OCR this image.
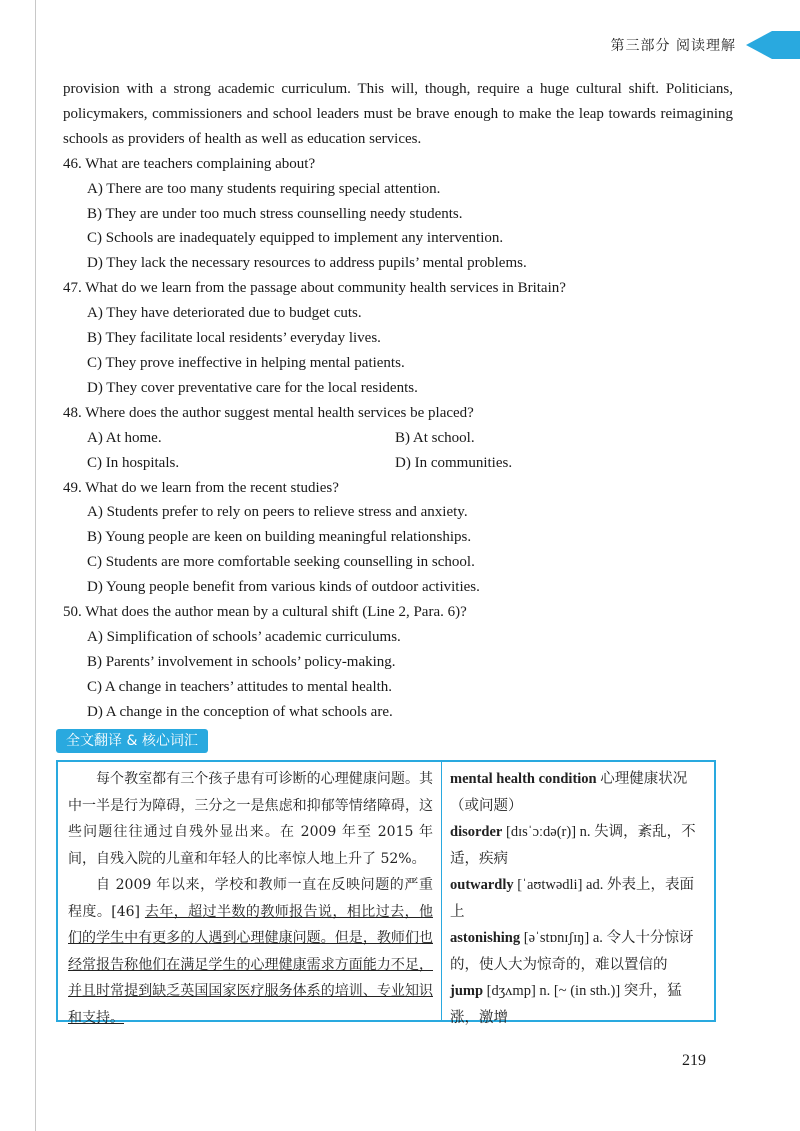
第三部分 阅读理解

provision with a strong academic curriculum. This will, though, require a huge cultural shift. Politicians, policymakers, commissioners and school leaders must be brave enough to make the leap towards reimagining schools as providers of health as well as education services.

46. What are teachers complaining about?

A) There are too many students requiring special attention.

B) They are under too much stress counselling needy students.

C) Schools are inadequately equipped to implement any intervention.

D) They lack the necessary resources to address pupils’ mental problems.

47. What do we learn from the passage about community health services in Britain?

A) They have deteriorated due to budget cuts.

B) They facilitate local residents’ everyday lives.

C) They prove ineffective in helping mental patients.

D) They cover preventative care for the local residents.

48. Where does the author suggest mental health services be placed?

A) At home.	B) At school.
C) In hospitals.	D) In communities.

49. What do we learn from the recent studies?

A) Students prefer to rely on peers to relieve stress and anxiety.

B) Young people are keen on building meaningful relationships.

C) Students are more comfortable seeking counselling in school.

D) Young people benefit from various kinds of outdoor activities.

50. What does the author mean by a cultural shift (Line 2, Para. 6)?

A) Simplification of schools’ academic curriculums.

B) Parents’ involvement in schools’ policy-making.

C) A change in teachers’ attitudes to mental health.

D) A change in the conception of what schools are.

全文翻译 & 核心词汇

每个教室都有三个孩子患有可诊断的心理健康问题。其中一半是行为障碍，三分之一是焦虑和抑郁等情绪障碍，这些问题往往通过自残外显出来。在 2009 年至 2015 年间，自残入院的儿童和年轻人的比率惊人地上升了 52%。

自 2009 年以来，学校和教师一直在反映问题的严重程度。[46] 去年，超过半数的教师报告说，相比过去，他们的学生中有更多的人遇到心理健康问题。但是，教师们也经常报告称他们在满足学生的心理健康需求方面能力不足，并且时常提到缺乏英国国家医疗服务体系的培训、专业知识和支持。

mental health condition 心理健康状况（或问题）

disorder [dɪsˈɔːdə(r)] n. 失调，紊乱，不适，疾病

outwardly [ˈaʊtwədli] ad. 外表上，表面上

astonishing [əˈstɒnɪʃɪŋ] a. 令人十分惊讶的，使人大为惊奇的，难以置信的

jump [dʒʌmp] n. [~ (in sth.)] 突升，猛涨，激增

219
